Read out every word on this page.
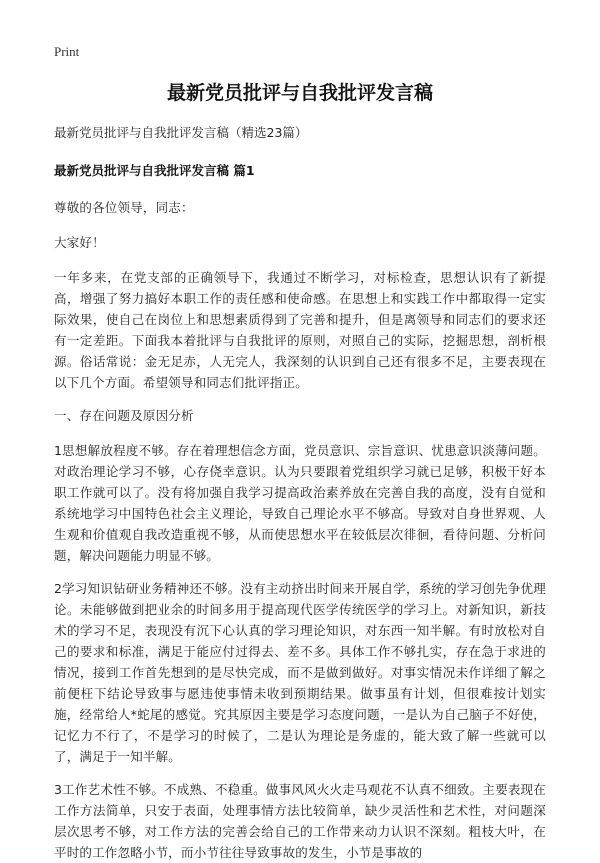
Print
最新党员批评与自我批评发言稿
最新党员批评与自我批评发言稿（精选23篇）
最新党员批评与自我批评发言稿 篇1

尊敬的各位领导，同志：

大家好！

一年多来，在党支部的正确领导下，我通过不断学习，对标检查，思想认识有了新提高，增强了努力搞好本职工作的责任感和使命感。在思想上和实践工作中都取得一定实际效果，使自己在岗位上和思想素质得到了完善和提升，但是离领导和同志们的要求还有一定差距。下面我本着批评与自我批评的原则，对照自己的实际，挖掘思想，剖析根源。俗话常说：金无足赤，人无完人，我深刻的认识到自己还有很多不足，主要表现在以下几个方面。希望领导和同志们批评指正。

一、存在问题及原因分析

1思想解放程度不够。存在着理想信念方面，党员意识、宗旨意识、忧患意识淡薄问题。对政治理论学习不够，心存侥幸意识。认为只要跟着党组织学习就已足够，积极干好本职工作就可以了。没有将加强自我学习提高政治素养放在完善自我的高度，没有自觉和系统地学习中国特色社会主义理论，导致自己理论水平不够高。导致对自身世界观、人生观和价值观自我改造重视不够，从而使思想水平在较低层次徘徊，看待问题、分析问题，解决问题能力明显不够。

2学习知识钻研业务精神还不够。没有主动挤出时间来开展自学，系统的学习创先争优理论。未能够做到把业余的时间多用于提高现代医学传统医学的学习上。对新知识，新技术的学习不足，表现没有沉下心认真的学习理论知识，对东西一知半解。有时放松对自己的要求和标准，满足于能应付过得去、差不多。具体工作不够扎实，存在急于求进的情况，接到工作首先想到的是尽快完成，而不是做到做好。对事实情况未作详细了解之前便枉下结论导致事与愿违使事情未收到预期结果。做事虽有计划，但很难按计划实施，经常给人*蛇尾的感觉。究其原因主要是学习态度问题，一是认为自己脑子不好使，记忆力不行了，不是学习的时候了，二是认为理论是务虚的，能大致了解一些就可以了，满足于一知半解。

3工作艺术性不够。不成熟、不稳重。做事风风火火走马观花不认真不细致。主要表现在工作方法简单，只安于表面，处理事情方法比较简单，缺少灵活性和艺术性，对问题深层次思考不够，对工作方法的完善会给自己的工作带来动力认识不深刻。粗枝大叶，在平时的工作忽略小节，而小节往往导致事故的发生，小节是事故的
